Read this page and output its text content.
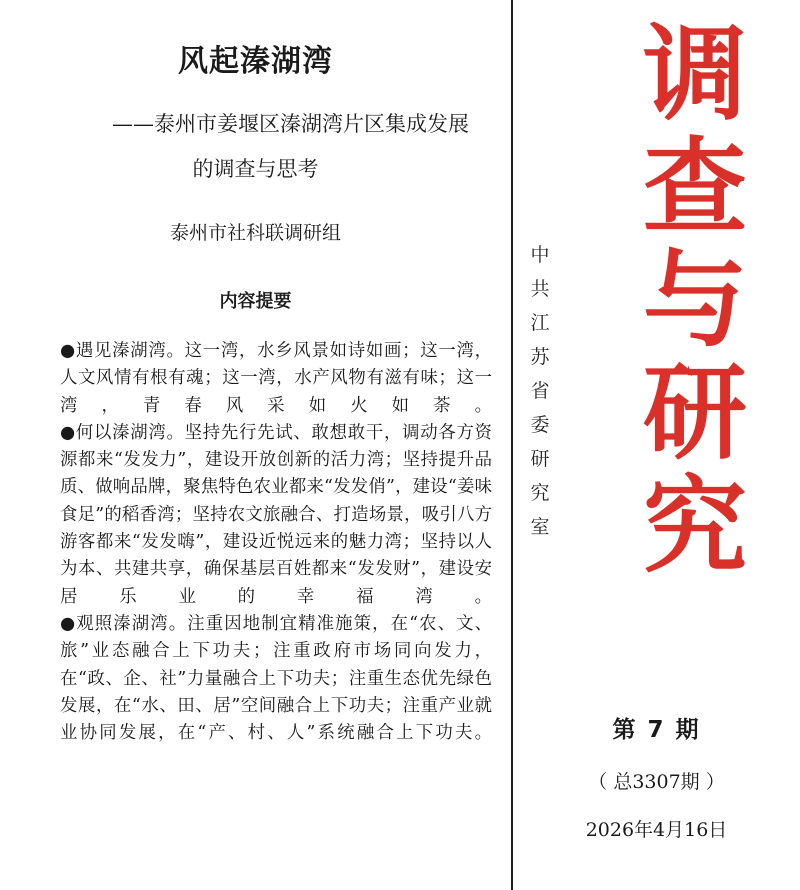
风起溱湖湾
——泰州市姜堰区溱湖湾片区集成发展
的调查与思考
泰州市社科联调研组
内容提要

●遇见溱湖湾。这一湾，水乡风景如诗如画；这一湾，人文风情有根有魂；这一湾，水产风物有滋有味；这一湾，青春风采如火如荼。

●何以溱湖湾。坚持先行先试、敢想敢干，调动各方资源都来“发发力”，建设开放创新的活力湾；坚持提升品质、做响品牌，聚焦特色农业都来“发发俏”，建设“姜味食足”的稻香湾；坚持农文旅融合、打造场景，吸引八方游客都来“发发嗨”，建设近悦远来的魅力湾；坚持以人为本、共建共享，确保基层百姓都来“发发财”，建设安居乐业的幸福湾。

●观照溱湖湾。注重因地制宜精准施策，在“农、文、旅”业态融合上下功夫；注重政府市场同向发力，在“政、企、社”力量融合上下功夫；注重生态优先绿色发展，在“水、田、居”空间融合上下功夫；注重产业就业协同发展，在“产、村、人”系统融合上下功夫。

调
查
与
研
究
中
共
江
苏
省
委
研
究
室
第 7 期
（ 总3307期 ）
2026年4月16日
